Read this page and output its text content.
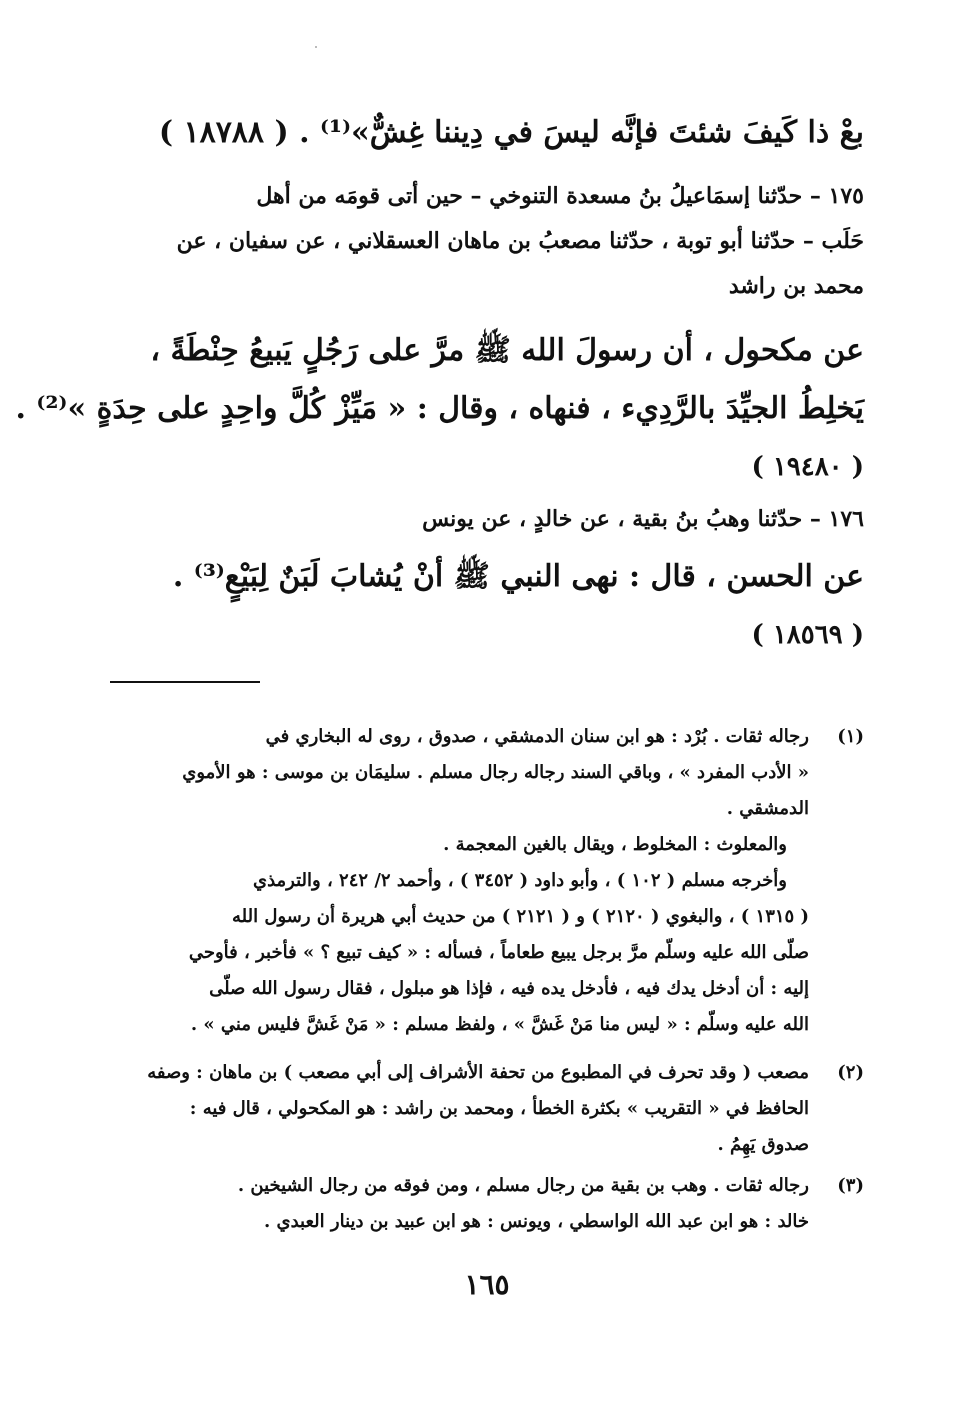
بعْ ذا كَيفَ شئتَ فإنَّه ليسَ في دِيننا غِشٌّ»⁽¹⁾ . ( ١٨٧٨٨ )
١٧٥ – حدّثنا إسمَاعيلُ بنُ مسعدة التنوخي – حين أتى قومَه من أهل
حَلَب – حدّثنا أبو توبة ، حدّثنا مصعبُ بن ماهان العسقلاني ، عن سفيان ، عن
محمد بن راشد
عن مكحول ، أن رسولَ الله ﷺ مرَّ على رَجُلٍ يَبيعُ حِنْطَةً ،
يَخلِطُ الجيِّدَ بالرَّدِيء ، فنهاه ، وقال : « مَيِّزْ كُلَّ واحِدٍ على حِدَةٍ »⁽²⁾ .
( ١٩٤٨٠ )
١٧٦ – حدّثنا وهبُ بنُ بقية ، عن خالدٍ ، عن يونس
عن الحسن ، قال : نهى النبي ﷺ أنْ يُشابَ لَبَنٌ لِبَيْعٍ⁽³⁾ .
( ١٨٥٦٩ )
(١)
رجاله ثقات . بُرْد : هو ابن سنان الدمشقي ، صدوق ، روى له البخاري في
« الأدب المفرد » ، وباقي السند رجاله رجال مسلم . سليمَان بن موسى : هو الأموي
الدمشقي .
والمعلوث : المخلوط ، ويقال بالغين المعجمة .
وأخرجه مسلم ( ١٠٢ ) ، وأبو داود ( ٣٤٥٢ ) ، وأحمد ٢/ ٢٤٢ ، والترمذي
( ١٣١٥ ) ، والبغوي ( ٢١٢٠ ) و ( ٢١٢١ ) من حديث أبي هريرة أن رسول الله
صلّى الله عليه وسلّم مرَّ برجل يبيع طعاماً ، فسأله : « كيف تبيع ؟ » فأخبر ، فأوحي
إليه : أن أدخل يدك فيه ، فأدخل يده فيه ، فإذا هو مبلول ، فقال رسول الله صلّى
الله عليه وسلّم : « ليس منا مَنْ غَشَّ » ، ولفظ مسلم : « مَنْ غَشَّ فليس مني » .
(٢)
مصعب ( وقد تحرف في المطبوع من تحفة الأشراف إلى أبي مصعب ) بن ماهان : وصفه
الحافظ في « التقريب » بكثرة الخطأ ، ومحمد بن راشد : هو المكحولي ، قال فيه :
صدوق يَهِمُ .
(٣)
رجاله ثقات . وهب بن بقية من رجال مسلم ، ومن فوقه من رجال الشيخين .
خالد : هو ابن عبد الله الواسطي ، ويونس : هو ابن عبيد بن دينار العبدي .
١٦٥
